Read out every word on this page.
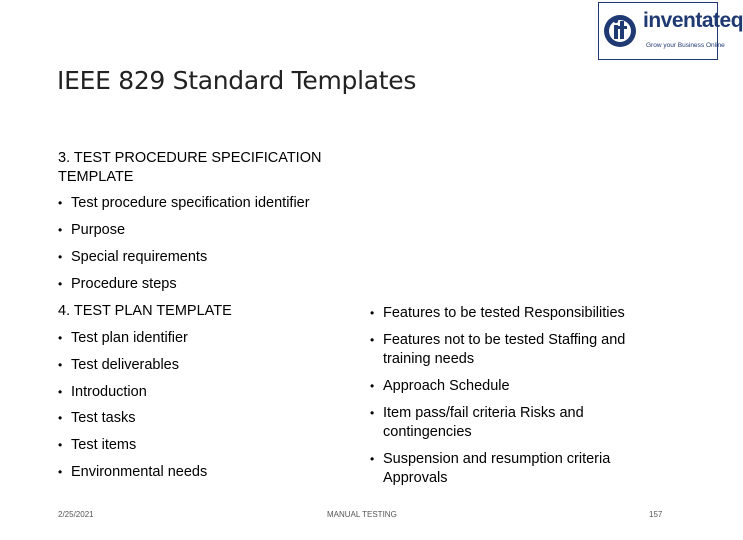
inventateq
Grow your Business Online
IEEE 829 Standard Templates
3. TEST PROCEDURE SPECIFICATION TEMPLATE
• Test procedure specification identifier
• Purpose
• Special requirements
• Procedure steps
4. TEST PLAN TEMPLATE
• Test plan identifier
• Test deliverables
• Introduction
• Test tasks
• Test items
• Environmental needs
• Features to be tested Responsibilities
• Features not to be tested Staffing and training needs
• Approach Schedule
• Item pass/fail criteria Risks and contingencies
• Suspension and resumption criteria Approvals
2/25/2021	MANUAL TESTING	157
